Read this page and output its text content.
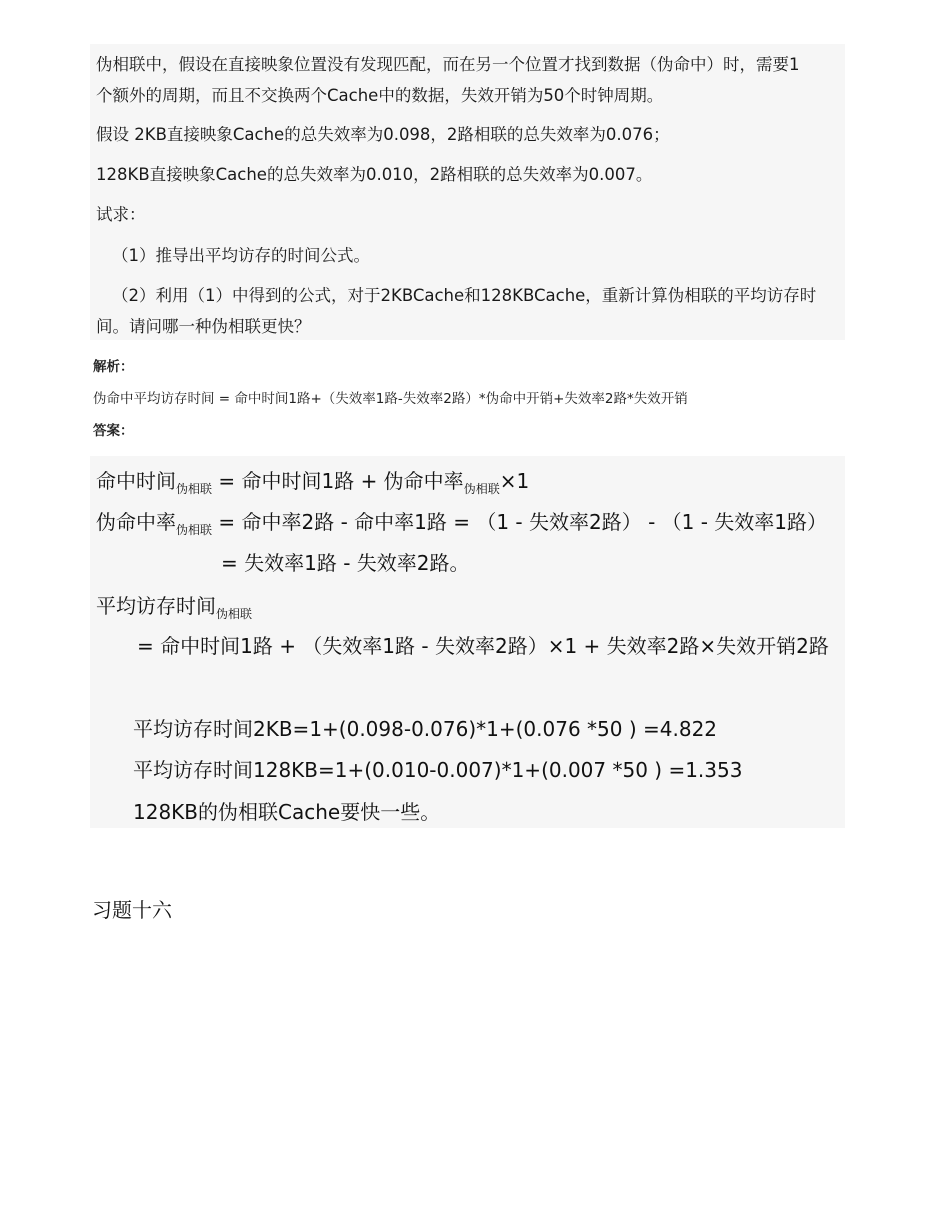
伪相联中，假设在直接映象位置没有发现匹配，而在另一个位置才找到数据（伪命中）时，需要1
个额外的周期，而且不交换两个Cache中的数据，失效开销为50个时钟周期。
假设 2KB直接映象Cache的总失效率为0.098，2路相联的总失效率为0.076；
128KB直接映象Cache的总失效率为0.010，2路相联的总失效率为0.007。
试求：
（1）推导出平均访存的时间公式。
（2）利用（1）中得到的公式，对于2KBCache和128KBCache，重新计算伪相联的平均访存时
间。请问哪一种伪相联更快？
解析：
伪命中平均访存时间 = 命中时间1路+（失效率1路-失效率2路）*伪命中开销+失效率2路*失效开销
答案：
命中时间$_{伪相联}$ = 命中时间1路 + 伪命中率$_{伪相联}$×1
伪命中率$_{伪相联}$ = 命中率2路 - 命中率1路 = （1 - 失效率2路） - （1 - 失效率1路）
= 失效率1路 - 失效率2路。
平均访存时间$_{伪相联}$
= 命中时间1路 + （失效率1路 - 失效率2路）×1 + 失效率2路×失效开销2路
平均访存时间2KB=1+(0.098-0.076)*1+(0.076 *50 ) =4.822
平均访存时间128KB=1+(0.010-0.007)*1+(0.007 *50 ) =1.353
128KB的伪相联Cache要快一些。
习题十六
